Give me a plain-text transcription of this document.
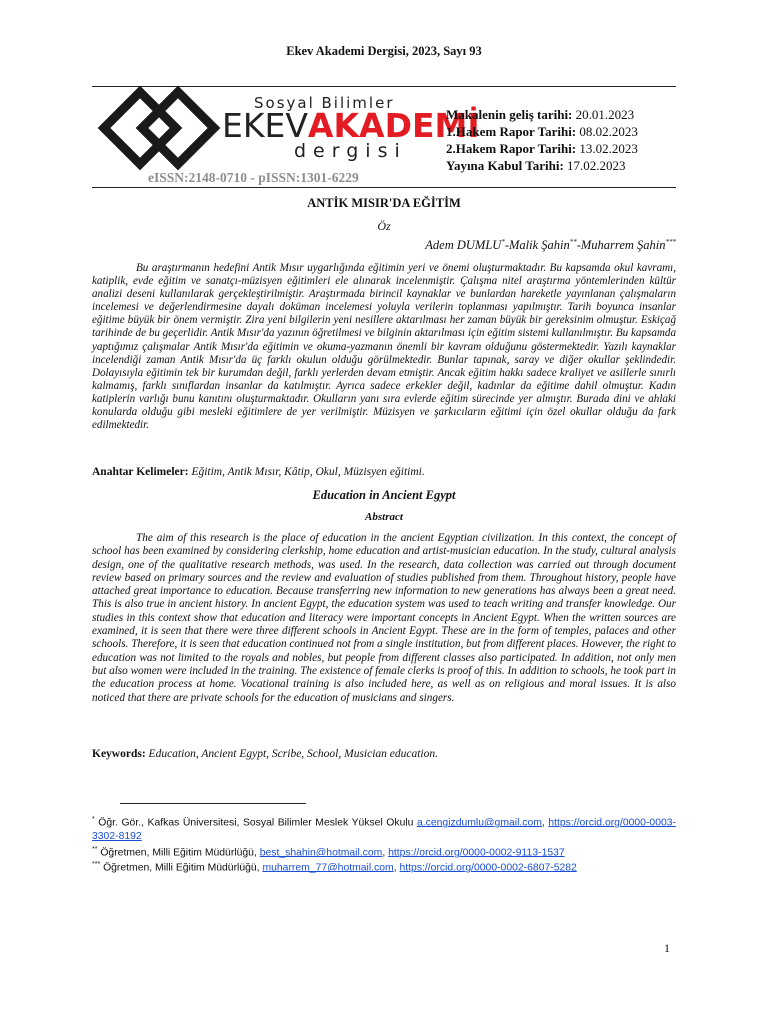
Ekev Akademi Dergisi, 2023, Sayı 93
Sosyal Bilimler
EKEVAKADEMİ
dergisi
eISSN:2148-0710 - pISSN:1301-6229
Makalenin geliş tarihi: 20.01.2023
1.Hakem Rapor Tarihi: 08.02.2023
2.Hakem Rapor Tarihi: 13.02.2023
Yayına Kabul Tarihi: 17.02.2023
ANTİK MISIR'DA EĞİTİM
Öz
Adem DUMLU*-Malik Şahin**-Muharrem Şahin***

Bu araştırmanın hedefini Antik Mısır uygarlığında eğitimin yeri ve önemi oluşturmaktadır. Bu kapsamda okul kavramı, katiplik, evde eğitim ve sanatçı-müzisyen eğitimleri ele alınarak incelenmiştir. Çalışma nitel araştırma yöntemlerinden kültür analizi deseni kullanılarak gerçekleştirilmiştir. Araştırmada birincil kaynaklar ve bunlardan hareketle yayınlanan çalışmaların incelemesi ve değerlendirmesine dayalı doküman incelemesi yoluyla verilerin toplanması yapılmıştır. Tarih boyunca insanlar eğitime büyük bir önem vermiştir. Zira yeni bilgilerin yeni nesillere aktarılması her zaman büyük bir gereksinim olmuştur. Eskiçağ tarihinde de bu geçerlidir. Antik Mısır'da yazının öğretilmesi ve bilginin aktarılması için eğitim sistemi kullanılmıştır. Bu kapsamda yaptığımız çalışmalar Antik Mısır'da eğitimin ve okuma-yazmanın önemli bir kavram olduğunu göstermektedir. Yazılı kaynaklar incelendiği zaman Antik Mısır'da üç farklı okulun olduğu görülmektedir. Bunlar tapınak, saray ve diğer okullar şeklindedir. Dolayısıyla eğitimin tek bir kurumdan değil, farklı yerlerden devam etmiştir. Ancak eğitim hakkı sadece kraliyet ve asillerle sınırlı kalmamış, farklı sınıflardan insanlar da katılmıştır. Ayrıca sadece erkekler değil, kadınlar da eğitime dahil olmuştur. Kadın katiplerin varlığı bunu kanıtını oluşturmaktadır. Okulların yanı sıra evlerde eğitim sürecinde yer almıştır. Burada dini ve ahlaki konularda olduğu gibi mesleki eğitimlere de yer verilmiştir. Müzisyen ve şarkıcıların eğitimi için özel okullar olduğu da fark edilmektedir.

Anahtar Kelimeler: Eğitim, Antik Mısır, Kâtip, Okul, Müzisyen eğitimi.
Education in Ancient Egypt
Abstract

The aim of this research is the place of education in the ancient Egyptian civilization. In this context, the concept of school has been examined by considering clerkship, home education and artist-musician education. In the study, cultural analysis design, one of the qualitative research methods, was used. In the research, data collection was carried out through document review based on primary sources and the review and evaluation of studies published from them. Throughout history, people have attached great importance to education. Because transferring new information to new generations has always been a great need. This is also true in ancient history. In ancient Egypt, the education system was used to teach writing and transfer knowledge. Our studies in this context show that education and literacy were important concepts in Ancient Egypt. When the written sources are examined, it is seen that there were three different schools in Ancient Egypt. These are in the form of temples, palaces and other schools. Therefore, it is seen that education continued not from a single institution, but from different places. However, the right to education was not limited to the royals and nobles, but people from different classes also participated. In addition, not only men but also women were included in the training. The existence of female clerks is proof of this. In addition to schools, he took part in the education process at home. Vocational training is also included here, as well as on religious and moral issues. It is also noticed that there are private schools for the education of musicians and singers.

Keywords: Education, Ancient Egypt, Scribe, School, Musician education.
* Öğr. Gör., Kafkas Üniversitesi, Sosyal Bilimler Meslek Yüksel Okulu a.cengizdumlu@gmail.com, https://orcid.org/0000-0003-3302-8192
** Öğretmen, Milli Eğitim Müdürlüğü, best_shahin@hotmail.com, https://orcid.org/0000-0002-9113-1537
*** Öğretmen, Milli Eğitim Müdürlüğü, muharrem_77@hotmail.com, https://orcid.org/0000-0002-6807-5282
1
